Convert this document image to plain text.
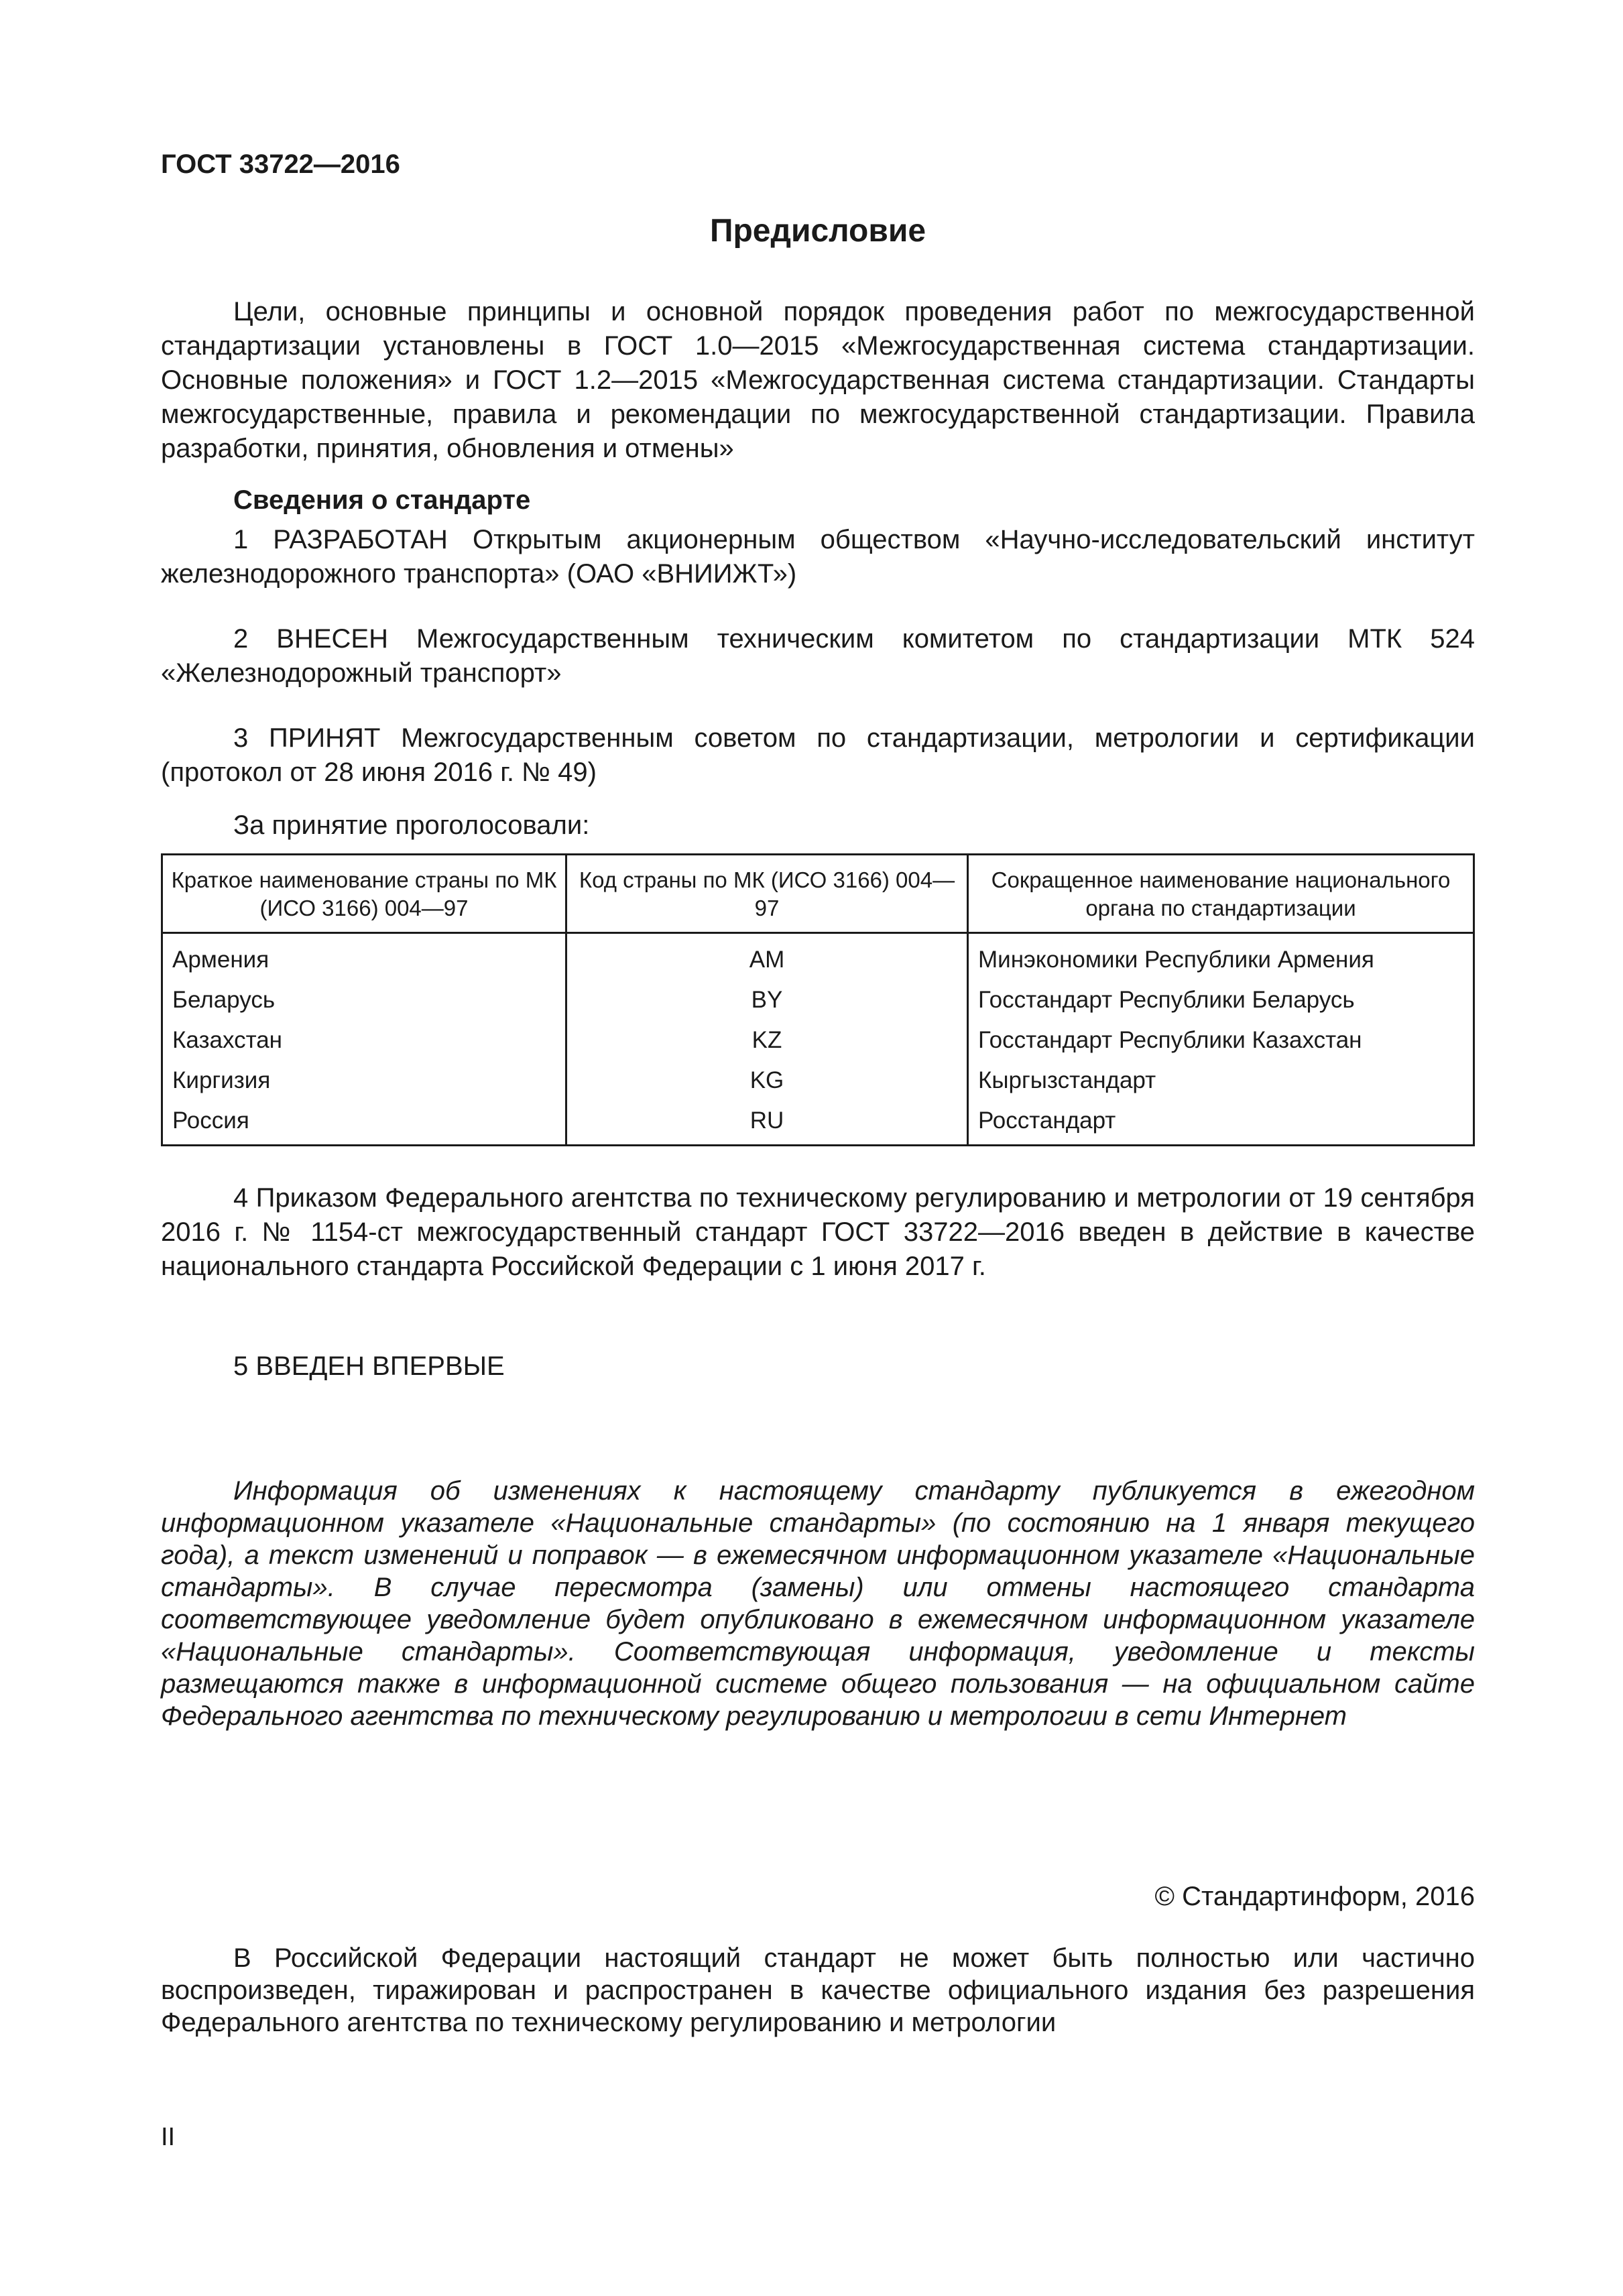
ГОСТ 33722—2016
Предисловие

Цели, основные принципы и основной порядок проведения работ по межгосударственной стандартизации установлены в ГОСТ 1.0—2015 «Межгосударственная система стандартизации. Основные положения» и ГОСТ 1.2—2015 «Межгосударственная система стандартизации. Стандарты межгосударственные, правила и рекомендации по межгосударственной стандартизации. Правила разработки, принятия, обновления и отмены»

Сведения о стандарте

1 РАЗРАБОТАН Открытым акционерным обществом «Научно-исследовательский институт железнодорожного транспорта» (ОАО «ВНИИЖТ»)

2 ВНЕСЕН Межгосударственным техническим комитетом по стандартизации МТК 524 «Железнодорожный транспорт»

3 ПРИНЯТ Межгосударственным советом по стандартизации, метрологии и сертификации (протокол от 28 июня 2016 г. № 49)

За принятие проголосовали:

Краткое наименование страны по МК (ИСО 3166) 004—97	Код страны по МК (ИСО 3166) 004—97	Сокращенное наименование национального органа по стандартизации
Армения	AM	Минэкономики Республики Армения
Беларусь	BY	Госстандарт Республики Беларусь
Казахстан	KZ	Госстандарт Республики Казахстан
Киргизия	KG	Кыргызстандарт
Россия	RU	Росстандарт

4 Приказом Федерального агентства по техническому регулированию и метрологии от 19 сентября 2016 г. № 1154-ст межгосударственный стандарт ГОСТ 33722—2016 введен в действие в качестве национального стандарта Российской Федерации с 1 июня 2017 г.

5 ВВЕДЕН ВПЕРВЫЕ

Информация об изменениях к настоящему стандарту публикуется в ежегодном информационном указателе «Национальные стандарты» (по состоянию на 1 января текущего года), а текст изменений и поправок — в ежемесячном информационном указателе «Национальные стандарты». В случае пересмотра (замены) или отмены настоящего стандарта соответствующее уведомление будет опубликовано в ежемесячном информационном указателе «Национальные стандарты». Соответствующая информация, уведомление и тексты размещаются также в информационной системе общего пользования — на официальном сайте Федерального агентства по техническому регулированию и метрологии в сети Интернет

© Стандартинформ, 2016

В Российской Федерации настоящий стандарт не может быть полностью или частично воспроизведен, тиражирован и распространен в качестве официального издания без разрешения Федерального агентства по техническому регулированию и метрологии

II
